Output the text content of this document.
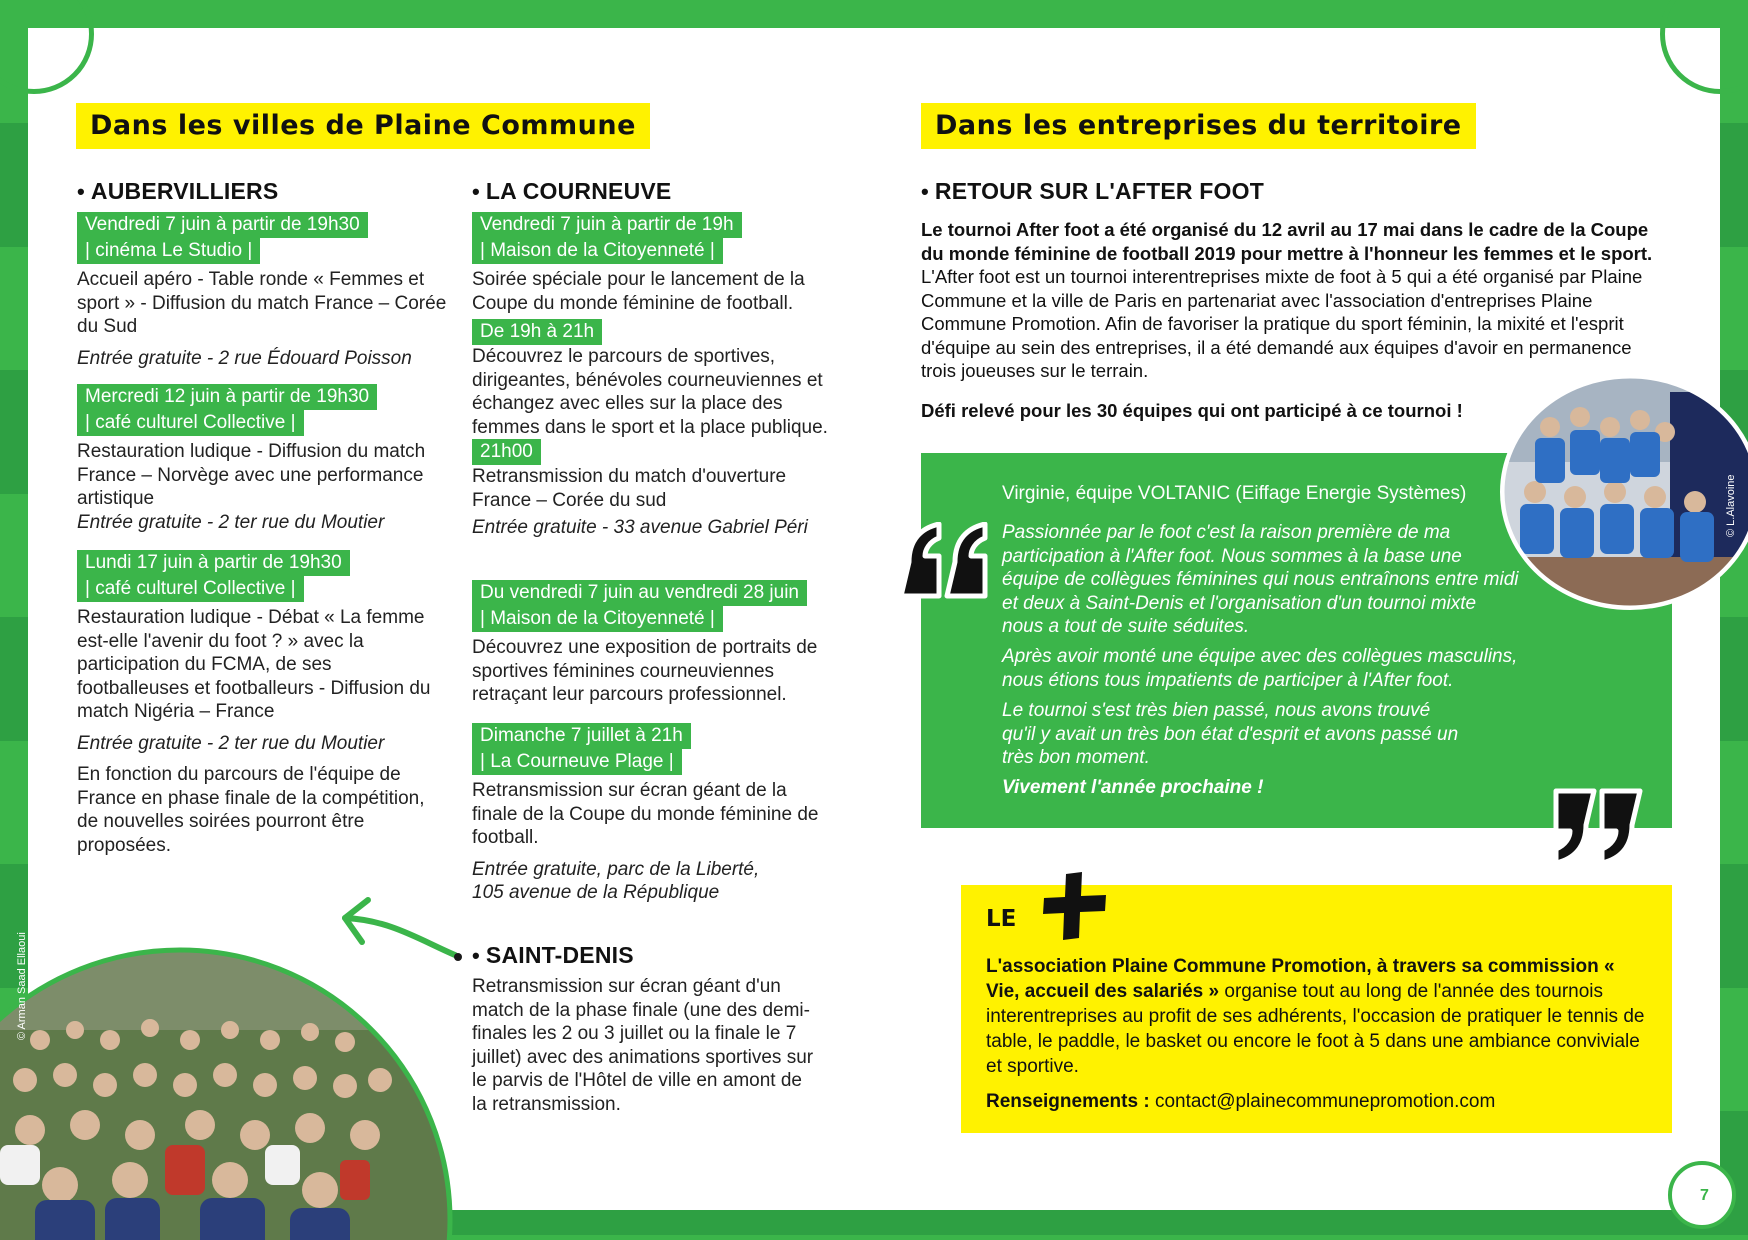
Dans les villes de Plaine Commune
• AUBERVILLIERS
Vendredi 7 juin à partir de 19h30
| cinéma Le Studio |
Accueil apéro - Table ronde « Femmes et sport » - Diffusion du match France – Corée du Sud
Entrée gratuite - 2 rue Édouard Poisson
Mercredi 12 juin à partir de 19h30
| café culturel Collective |
Restauration ludique - Diffusion du match France – Norvège avec une performance artistique
Entrée gratuite - 2 ter rue du Moutier
Lundi 17 juin à partir de 19h30
| café culturel Collective |
Restauration ludique - Débat « La femme est-elle l'avenir du foot ? » avec la participation du FCMA, de ses footballeuses et footballeurs - Diffusion du match Nigéria – France
Entrée gratuite - 2 ter rue du Moutier
En fonction du parcours de l'équipe de France en phase finale de la compétition, de nouvelles soirées pourront être proposées.
• LA COURNEUVE
Vendredi 7 juin à partir de 19h
| Maison de la Citoyenneté |
Soirée spéciale pour le lancement de la Coupe du monde féminine de football.
De 19h à 21h
Découvrez le parcours de sportives, dirigeantes, bénévoles courneuviennes et échangez avec elles sur la place des femmes dans le sport et la place publique.
21h00
Retransmission du match d'ouverture France – Corée du sud
Entrée gratuite - 33 avenue Gabriel Péri
Du vendredi 7 juin au vendredi 28 juin
| Maison de la Citoyenneté |
Découvrez une exposition de portraits de sportives féminines courneuviennes retraçant leur parcours professionnel.
Dimanche 7 juillet à 21h
| La Courneuve Plage |
Retransmission sur écran géant de la finale de la Coupe du monde féminine de football.
Entrée gratuite, parc de la Liberté, 105 avenue de la République
• SAINT-DENIS
Retransmission sur écran géant d'un match de la phase finale (une des demi-finales les 2 ou 3 juillet ou la finale le 7 juillet) avec des animations sportives sur le parvis de l'Hôtel de ville en amont de la retransmission.
© Arman Saad Ellaoui
Dans les entreprises du territoire
• RETOUR SUR L'AFTER FOOT
Le tournoi After foot a été organisé du 12 avril au 17 mai dans le cadre de la Coupe du monde féminine de football 2019 pour mettre à l'honneur les femmes et le sport. L'After foot est un tournoi interentreprises mixte de foot à 5 qui a été organisé par Plaine Commune et la ville de Paris en partenariat avec l'association d'entreprises Plaine Commune Promotion. Afin de favoriser la pratique du sport féminin, la mixité et l'esprit d'équipe au sein des entreprises, il a été demandé aux équipes d'avoir en permanence trois joueuses sur le terrain.
Défi relevé pour les 30 équipes qui ont participé à ce tournoi !
Virginie, équipe VOLTANIC (Eiffage Energie Systèmes)
Passionnée par le foot c'est la raison première de ma participation à l'After foot. Nous sommes à la base une équipe de collègues féminines qui nous entraînons entre midi et deux à Saint-Denis et l'organisation d'un tournoi mixte nous a tout de suite séduites.
Après avoir monté une équipe avec des collègues masculins, nous étions tous impatients de participer à l'After foot.
Le tournoi s'est très bien passé, nous avons trouvé qu'il y avait un très bon état d'esprit et avons passé un très bon moment.
Vivement l'année prochaine !
© L.Alavoine
LE
L'association Plaine Commune Promotion, à travers sa commission « Vie, accueil des salariés » organise tout au long de l'année des tournois interentreprises au profit de ses adhérents, l'occasion de pratiquer le tennis de table, le paddle, le basket ou encore le foot à 5 dans une ambiance conviviale et sportive.
Renseignements : contact@plainecommunepromotion.com
7
